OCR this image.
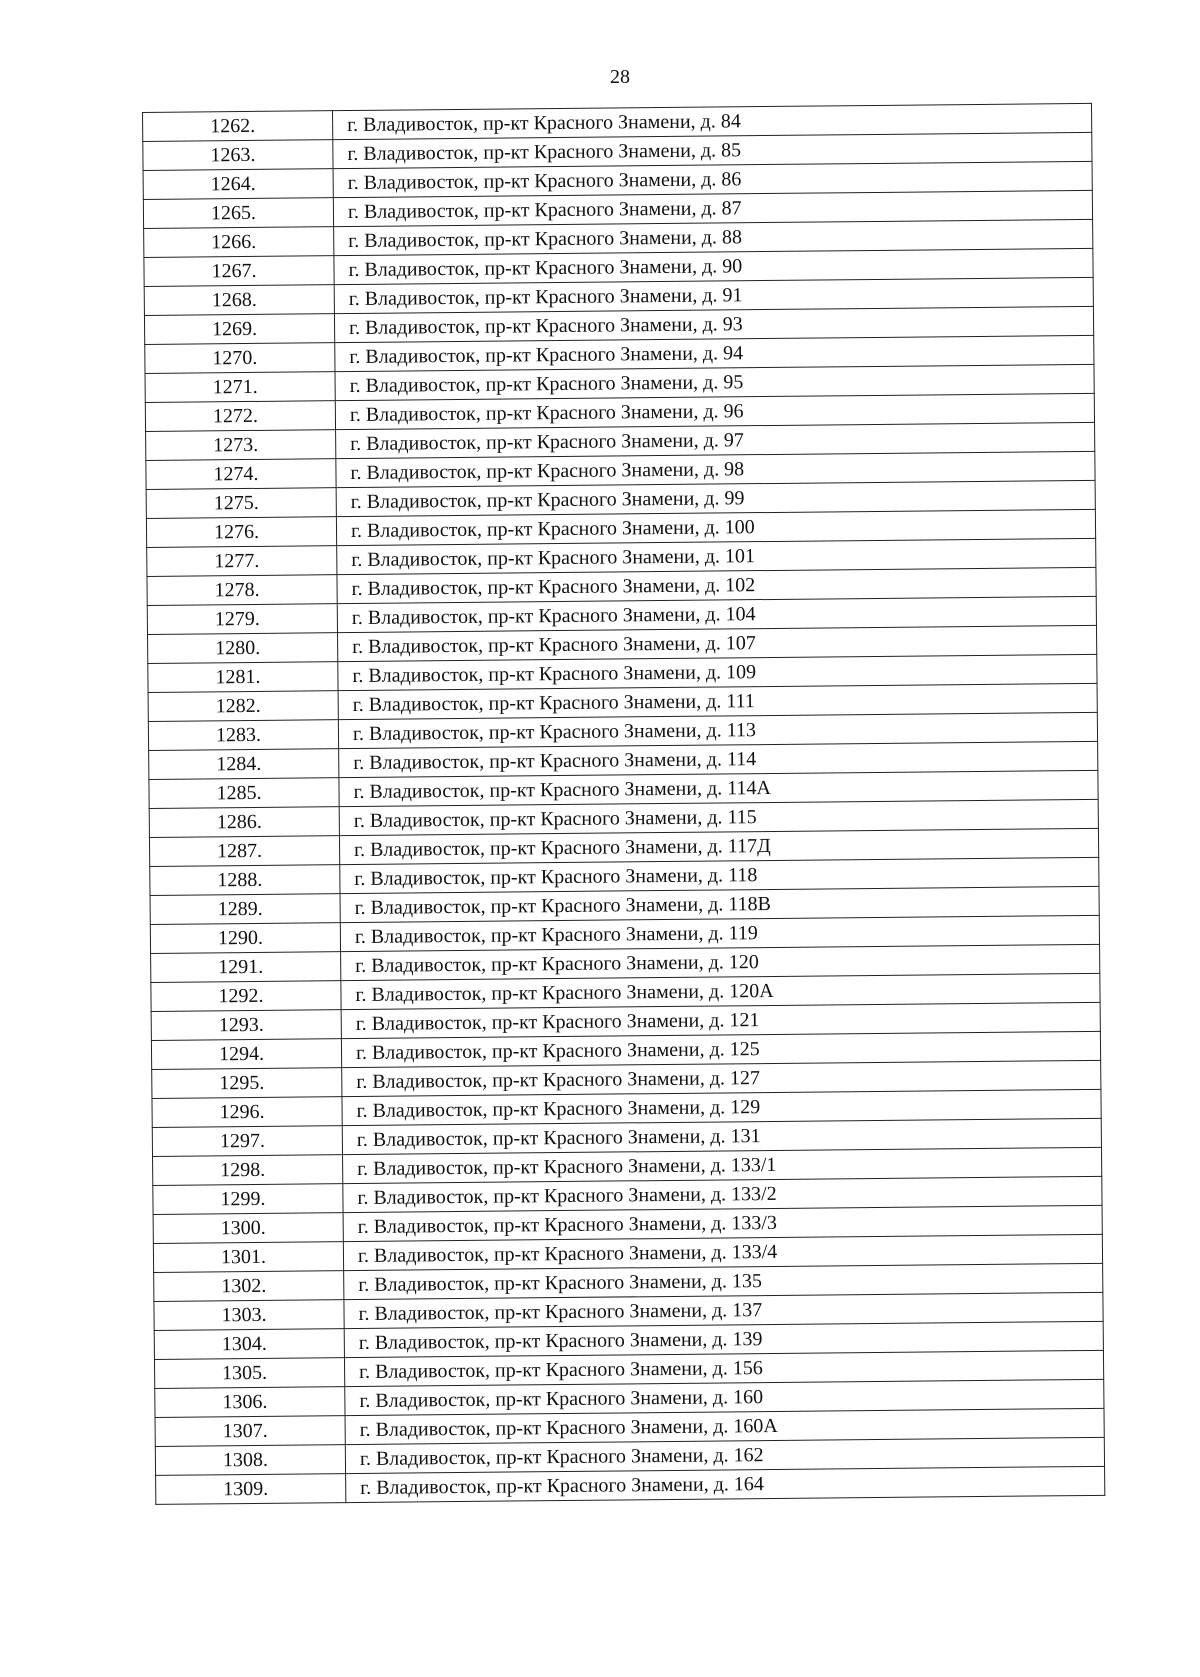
28
1262.	г. Владивосток, пр-кт Красного Знамени, д. 84
1263.	г. Владивосток, пр-кт Красного Знамени, д. 85
1264.	г. Владивосток, пр-кт Красного Знамени, д. 86
1265.	г. Владивосток, пр-кт Красного Знамени, д. 87
1266.	г. Владивосток, пр-кт Красного Знамени, д. 88
1267.	г. Владивосток, пр-кт Красного Знамени, д. 90
1268.	г. Владивосток, пр-кт Красного Знамени, д. 91
1269.	г. Владивосток, пр-кт Красного Знамени, д. 93
1270.	г. Владивосток, пр-кт Красного Знамени, д. 94
1271.	г. Владивосток, пр-кт Красного Знамени, д. 95
1272.	г. Владивосток, пр-кт Красного Знамени, д. 96
1273.	г. Владивосток, пр-кт Красного Знамени, д. 97
1274.	г. Владивосток, пр-кт Красного Знамени, д. 98
1275.	г. Владивосток, пр-кт Красного Знамени, д. 99
1276.	г. Владивосток, пр-кт Красного Знамени, д. 100
1277.	г. Владивосток, пр-кт Красного Знамени, д. 101
1278.	г. Владивосток, пр-кт Красного Знамени, д. 102
1279.	г. Владивосток, пр-кт Красного Знамени, д. 104
1280.	г. Владивосток, пр-кт Красного Знамени, д. 107
1281.	г. Владивосток, пр-кт Красного Знамени, д. 109
1282.	г. Владивосток, пр-кт Красного Знамени, д. 111
1283.	г. Владивосток, пр-кт Красного Знамени, д. 113
1284.	г. Владивосток, пр-кт Красного Знамени, д. 114
1285.	г. Владивосток, пр-кт Красного Знамени, д. 114А
1286.	г. Владивосток, пр-кт Красного Знамени, д. 115
1287.	г. Владивосток, пр-кт Красного Знамени, д. 117Д
1288.	г. Владивосток, пр-кт Красного Знамени, д. 118
1289.	г. Владивосток, пр-кт Красного Знамени, д. 118В
1290.	г. Владивосток, пр-кт Красного Знамени, д. 119
1291.	г. Владивосток, пр-кт Красного Знамени, д. 120
1292.	г. Владивосток, пр-кт Красного Знамени, д. 120А
1293.	г. Владивосток, пр-кт Красного Знамени, д. 121
1294.	г. Владивосток, пр-кт Красного Знамени, д. 125
1295.	г. Владивосток, пр-кт Красного Знамени, д. 127
1296.	г. Владивосток, пр-кт Красного Знамени, д. 129
1297.	г. Владивосток, пр-кт Красного Знамени, д. 131
1298.	г. Владивосток, пр-кт Красного Знамени, д. 133/1
1299.	г. Владивосток, пр-кт Красного Знамени, д. 133/2
1300.	г. Владивосток, пр-кт Красного Знамени, д. 133/3
1301.	г. Владивосток, пр-кт Красного Знамени, д. 133/4
1302.	г. Владивосток, пр-кт Красного Знамени, д. 135
1303.	г. Владивосток, пр-кт Красного Знамени, д. 137
1304.	г. Владивосток, пр-кт Красного Знамени, д. 139
1305.	г. Владивосток, пр-кт Красного Знамени, д. 156
1306.	г. Владивосток, пр-кт Красного Знамени, д. 160
1307.	г. Владивосток, пр-кт Красного Знамени, д. 160А
1308.	г. Владивосток, пр-кт Красного Знамени, д. 162
1309.	г. Владивосток, пр-кт Красного Знамени, д. 164
